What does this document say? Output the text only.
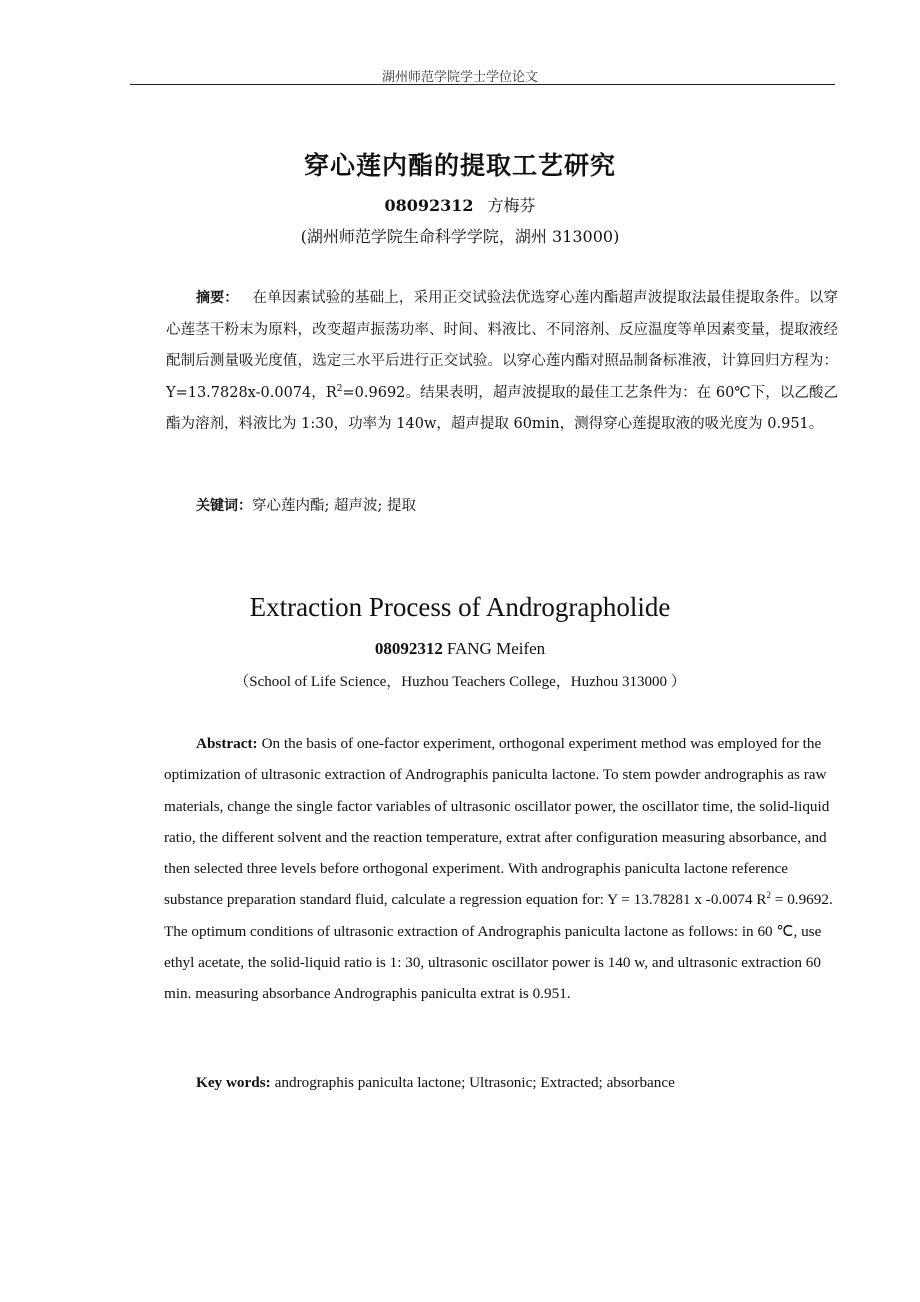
湖州师范学院学士学位论文
穿心莲内酯的提取工艺研究
08092312 方梅芬
(湖州师范学院生命科学学院，湖州 313000)

摘要： 在单因素试验的基础上，采用正交试验法优选穿心莲内酯超声波提取法最佳提取条件。以穿心莲茎干粉末为原料，改变超声振荡功率、时间、料液比、不同溶剂、反应温度等单因素变量，提取液经配制后测量吸光度值，选定三水平后进行正交试验。以穿心莲内酯对照品制备标准液，计算回归方程为：Y=13.7828x-0.0074，$R^2=0.9692$。结果表明，超声波提取的最佳工艺条件为：在 60℃下，以乙酸乙酯为溶剂，料液比为 1:30，功率为 140w，超声提取 60min，测得穿心莲提取液的吸光度为 0.951。

关键词：穿心莲内酯; 超声波; 提取
Extraction Process of Andrographolide
08092312 FANG Meifen
（School of Life Science，Huzhou Teachers College，Huzhou 313000 ）

Abstract: On the basis of one-factor experiment, orthogonal experiment method was employed for the optimization of ultrasonic extraction of Andrographis paniculta lactone. To stem powder andrographis as raw materials, change the single factor variables of ultrasonic oscillator power, the oscillator time, the solid-liquid ratio, the different solvent and the reaction temperature, extrat after configuration measuring absorbance, and then selected three levels before orthogonal experiment. With andrographis paniculta lactone reference substance preparation standard fluid, calculate a regression equation for: Y = 13.78281 x -0.0074 $R^2 = 0.9692$. The optimum conditions of ultrasonic extraction of Andrographis paniculta lactone as follows: in 60 ℃, use ethyl acetate, the solid-liquid ratio is 1: 30, ultrasonic oscillator power is 140 w, and ultrasonic extraction 60 min. measuring absorbance Andrographis paniculta extrat is 0.951.

Key words: andrographis paniculta lactone; Ultrasonic; Extracted; absorbance
